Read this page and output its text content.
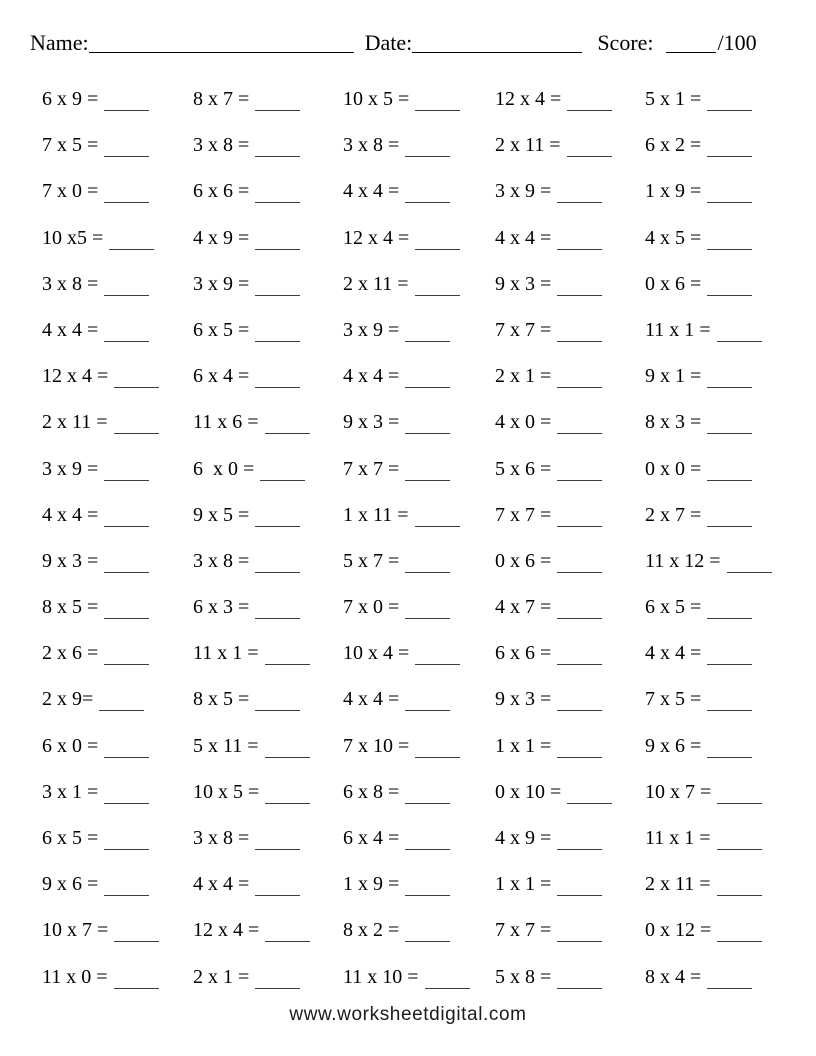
Name:	Date:	Score:	/100
6 x 9 =	8 x 7 =	10 x 5 =	12 x 4 =	5 x 1 =
7 x 5 =	3 x 8 =	3 x 8 =	2 x 11 =	6 x 2 =
7 x 0 =	6 x 6 =	4 x 4 =	3 x 9 =	1 x 9 =
10 x5 =	4 x 9 =	12 x 4 =	4 x 4 =	4 x 5 =
3 x 8 =	3 x 9 =	2 x 11 =	9 x 3 =	0 x 6 =
4 x 4 =	6 x 5 =	3 x 9 =	7 x 7 =	11 x 1 =
12 x 4 =	6 x 4 =	4 x 4 =	2 x 1 =	9 x 1 =
2 x 11 =	11 x 6 =	9 x 3 =	4 x 0 =	8 x 3 =
3 x 9 =	6  x 0 =	7 x 7 =	5 x 6 =	0 x 0 =
4 x 4 =	9 x 5 =	1 x 11 =	7 x 7 =	2 x 7 =
9 x 3 =	3 x 8 =	5 x 7 =	0 x 6 =	11 x 12 =
8 x 5 =	6 x 3 =	7 x 0 =	4 x 7 =	6 x 5 =
2 x 6 =	11 x 1 =	10 x 4 =	6 x 6 =	4 x 4 =
2 x 9=	8 x 5 =	4 x 4 =	9 x 3 =	7 x 5 =
6 x 0 =	5 x 11 =	7 x 10 =	1 x 1 =	9 x 6 =
3 x 1 =	10 x 5 =	6 x 8 =	0 x 10 =	10 x 7 =
6 x 5 =	3 x 8 =	6 x 4 =	4 x 9 =	11 x 1 =
9 x 6 =	4 x 4 =	1 x 9 =	1 x 1 =	2 x 11 =
10 x 7 =	12 x 4 =	8 x 2 =	7 x 7 =	0 x 12 =
11 x 0 =	2 x 1 =	11 x 10 =	5 x 8 =	8 x 4 =
www.worksheetdigital.com
